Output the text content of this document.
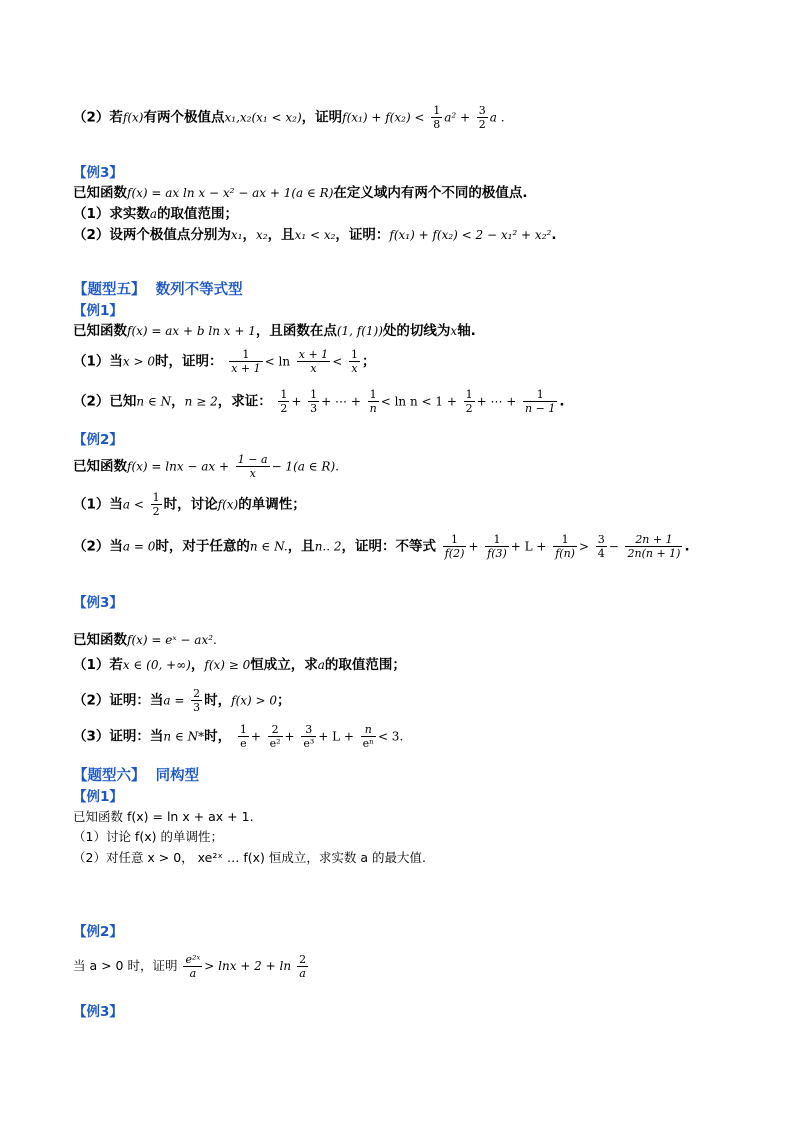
（2）若f(x)有两个极值点x₁,x₂(x₁ < x₂)，证明$f(x_1) + f(x_2) < \frac{1}{8} a^2 + \frac{3}{2}$ a .
【例3】
已知函数f(x) = ax ln x − x² − ax + 1(a ∈ R)在定义域内有两个不同的极值点.
（1）求实数a的取值范围；
（2）设两个极值点分别为x₁，x₂，且x₁ < x₂，证明：f(x₁) + f(x₂) < 2 − x₁² + x₂².
【题型五】 数列不等式型
【例1】
已知函数f(x) = ax + b ln x + 1，且函数在点(1, f(1))处的切线为x轴.
（1）当x > 0时，证明： $\frac{1}{x + 1} < \ln \frac{x + 1}{x} < \frac{1}{x}$ ；
（2）已知n ∈ N，n ≥ 2，求证： $\frac{1}{2} + \frac{1}{3}$ + ⋯ + $\frac{1}{n} < \ln n < 1 + \frac{1}{2}$ + ⋯ + $\frac{1}{n - 1}$ .
【例2】
已知函数f(x) = lnx − ax + $\frac{1 - a}{x} - 1(a$ ∈ R).
（1）当$a < \frac{1}{2}$ 时，讨论f(x)的单调性；
（2）当a = 0时，对于任意的n ∈ N.，且n.. 2，证明：不等式 $\frac{1}{f(2)} + \frac{1}{f(3)} + L + \frac{1}{f(n)} > \frac{3}{4} - \frac{2n + 1}{2n(n + 1)}$ .
【例3】
已知函数f(x) = eˣ − ax².
（1）若x ∈ (0, +∞)，f(x) ≥ 0恒成立，求a的取值范围；
（2）证明：当$a = \frac{2}{3}$ 时，f(x) > 0；
（3）证明：当n ∈ N*时， $\frac{1}{e} + \frac{2}{\text{e²}} + \frac{3}{\text{e³}} + L + \frac{n}{\text{eⁿ}} < 3$.
【题型六】 同构型
【例1】
已知函数 f(x) = ln x + ax + 1.
（1）讨论 f(x) 的单调性；
（2）对任意 x > 0， xe²ˣ … f(x) 恒成立，求实数 a 的最大值.
【例2】
当 a > 0 时，证明 $\frac{\text{e²ˣ}}{a} > \ln x + 2 + \ln \frac{2}{a}$
【例3】
